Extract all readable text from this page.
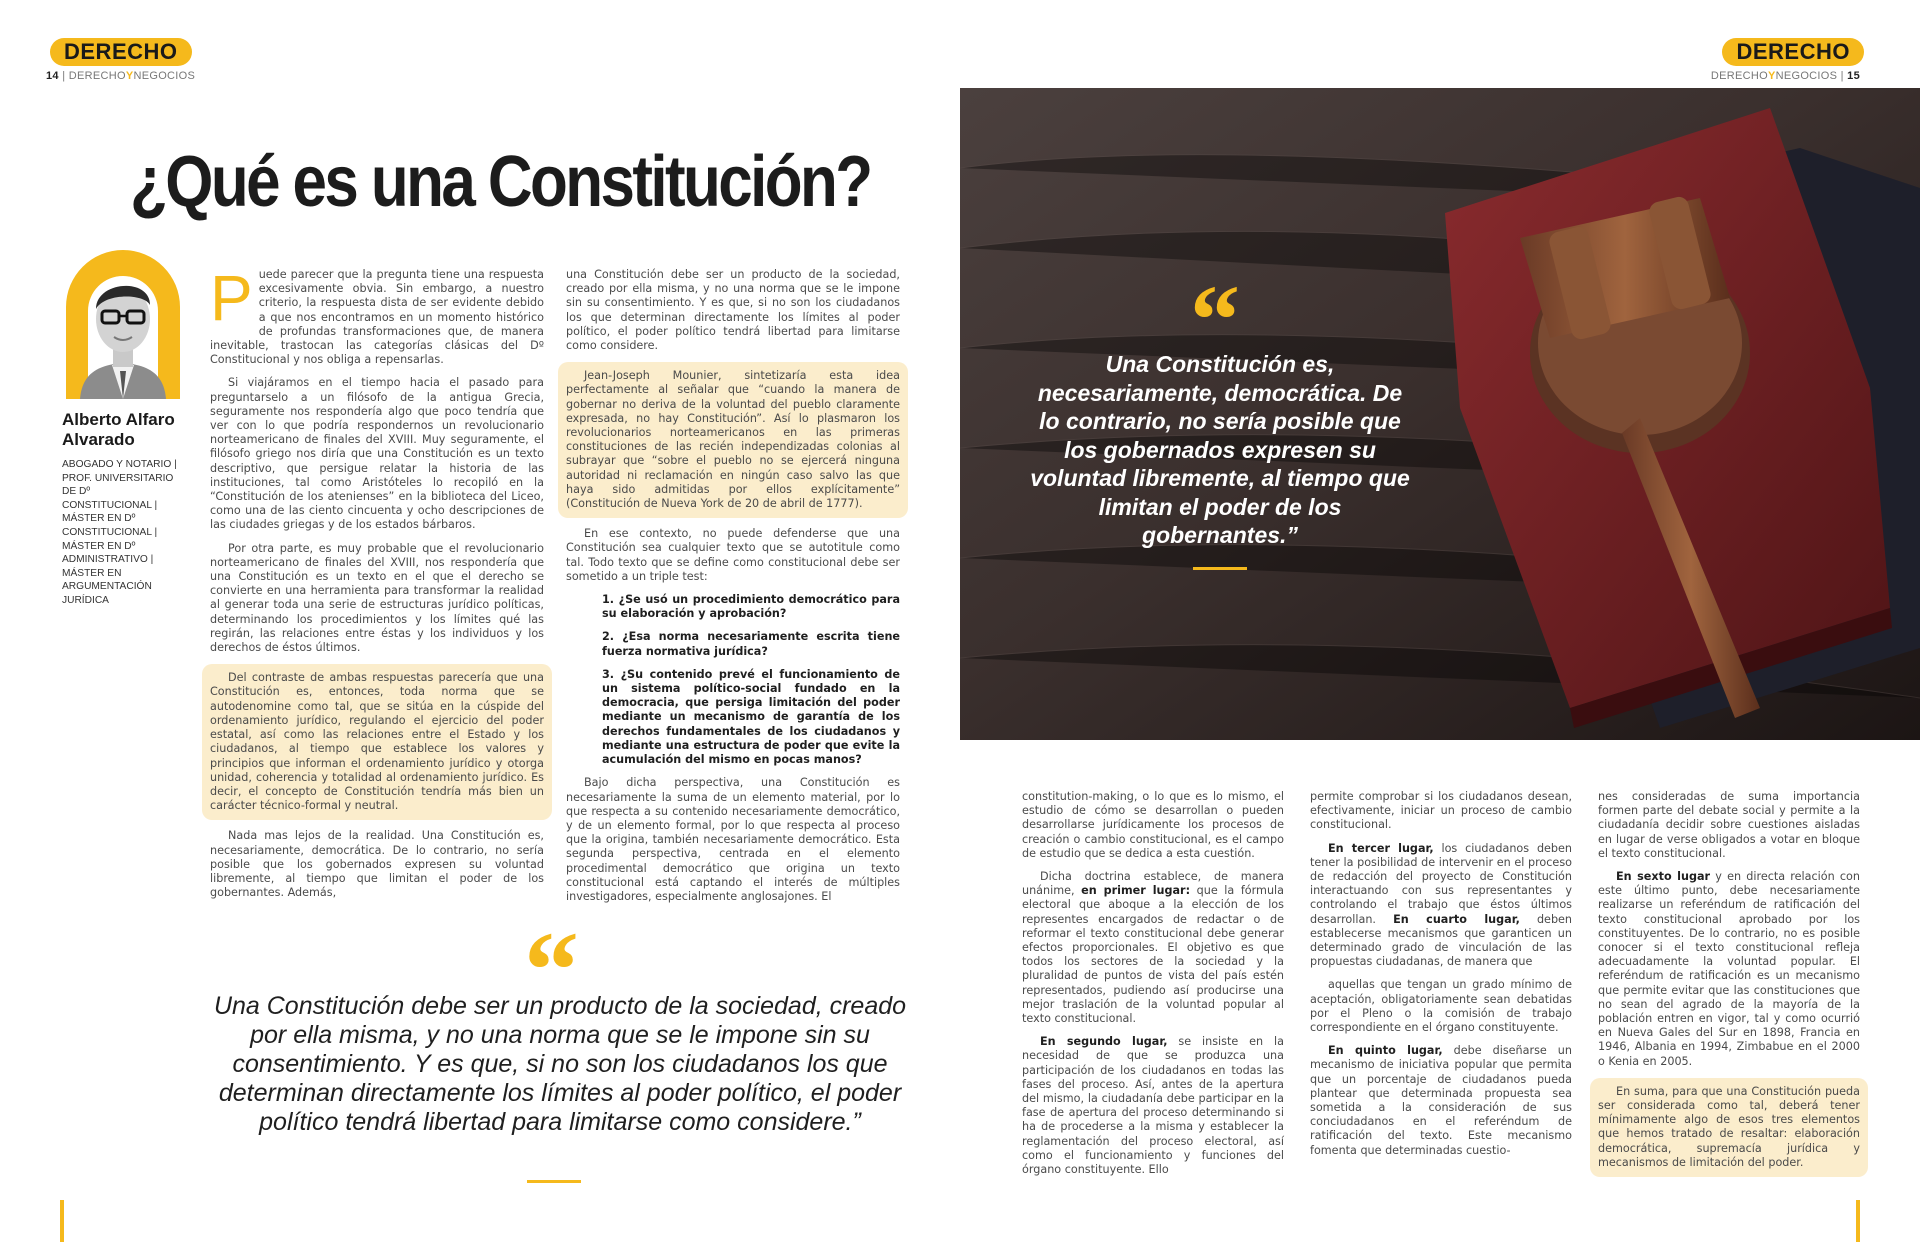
DERECHO
14 | DERECHOYNEGOCIOS
¿Qué es una Constitución?
Alberto Alfaro Alvarado
ABOGADO Y NOTARIO | PROF. UNIVERSITARIO DE Dº CONSTITUCIONAL | MÁSTER EN Dº CONSTITUCIONAL | MÁSTER EN Dº ADMINISTRATIVO | MÁSTER EN ARGUMENTACIÓN JURÍDICA

Puede parecer que la pregunta tiene una respuesta excesivamente obvia. Sin embargo, a nuestro criterio, la respuesta dista de ser evidente debido a que nos encontramos en un momento histórico de profundas transformaciones que, de manera inevitable, trastocan las categorías clásicas del Dº Constitucional y nos obliga a repensarlas.

Si viajáramos en el tiempo hacia el pasado para preguntarselo a un filósofo de la antigua Grecia, seguramente nos respondería algo que poco tendría que ver con lo que podría respondernos un revolucionario norteamericano de finales del XVIII. Muy seguramente, el filósofo griego nos diría que una Constitución es un texto descriptivo, que persigue relatar la historia de las instituciones, tal como Aristóteles lo recopiló en la “Constitución de los atenienses” en la biblioteca del Liceo, como una de las ciento cincuenta y ocho descripciones de las ciudades griegas y de los estados bárbaros.

Por otra parte, es muy probable que el revolucionario norteamericano de finales del XVIII, nos respondería que una Constitución es un texto en el que el derecho se convierte en una herramienta para transformar la realidad al generar toda una serie de estructuras jurídico políticas, determinando los procedimientos y los límites qué las regirán, las relaciones entre éstas y los individuos y los derechos de éstos últimos.

Del contraste de ambas respuestas parecería que una Constitución es, entonces, toda norma que se autodenomine como tal, que se sitúa en la cúspide del ordenamiento jurídico, regulando el ejercicio del poder estatal, así como las relaciones entre el Estado y los ciudadanos, al tiempo que establece los valores y principios que informan el ordenamiento jurídico y otorga unidad, coherencia y totalidad al ordenamiento jurídico. Es decir, el concepto de Constitución tendría más bien un carácter técnico-formal y neutral.

Nada mas lejos de la realidad. Una Constitución es, necesariamente, democrática. De lo contrario, no sería posible que los gobernados expresen su voluntad libremente, al tiempo que limitan el poder de los gobernantes. Además,

una Constitución debe ser un producto de la sociedad, creado por ella misma, y no una norma que se le impone sin su consentimiento. Y es que, si no son los ciudadanos los que determinan directamente los límites al poder político, el poder político tendrá libertad para limitarse como considere.

Jean-Joseph Mounier, sintetizaría esta idea perfectamente al señalar que “cuando la manera de gobernar no deriva de la voluntad del pueblo claramente expresada, no hay Constitución”. Así lo plasmaron los revolucionarios norteamericanos en las primeras constituciones de las recién independizadas colonias al subrayar que “sobre el pueblo no se ejercerá ninguna autoridad ni reclamación en ningún caso salvo las que haya sido admitidas por ellos explícitamente” (Constitución de Nueva York de 20 de abril de 1777).

En ese contexto, no puede defenderse que una Constitución sea cualquier texto que se autotitule como tal. Todo texto que se define como constitucional debe ser sometido a un triple test:

1. ¿Se usó un procedimiento democrático para su elaboración y aprobación?

2. ¿Esa norma necesariamente escrita tiene fuerza normativa jurídica?

3. ¿Su contenido prevé el funcionamiento de un sistema político-social fundado en la democracia, que persiga limitación del poder mediante un mecanismo de garantía de los derechos fundamentales de los ciudadanos y mediante una estructura de poder que evite la acumulación del mismo en pocas manos?

Bajo dicha perspectiva, una Constitución es necesariamente la suma de un elemento material, por lo que respecta a su contenido necesariamente democrático, y de un elemento formal, por lo que respecta al proceso que la origina, también necesariamente democrático. Esta segunda perspectiva, centrada en el elemento procedimental democrático que origina un texto constitucional está captando el interés de múltiples investigadores, especialmente anglosajones. El

“
Una Constitución debe ser un producto de la sociedad, creado por ella misma, y no una norma que se le impone sin su consentimiento. Y es que, si no son los ciudadanos los que determinan directamente los límites al poder político, el poder político tendrá libertad para limitarse como considere.”
DERECHO
DERECHOYNEGOCIOS | 15
“
Una Constitución es, necesariamente, democrática. De lo contrario, no sería posible que los gobernados expresen su voluntad libremente, al tiempo que limitan el poder de los gobernantes.”

constitution-making, o lo que es lo mismo, el estudio de cómo se desarrollan o pueden desarrollarse jurídicamente los procesos de creación o cambio constitucional, es el campo de estudio que se dedica a esta cuestión.

Dicha doctrina establece, de manera unánime, en primer lugar: que la fórmula electoral que aboque a la elección de los representes encargados de redactar o de reformar el texto constitucional debe generar efectos proporcionales. El objetivo es que todos los sectores de la sociedad y la pluralidad de puntos de vista del país estén representados, pudiendo así producirse una mejor traslación de la voluntad popular al texto constitucional.

En segundo lugar, se insiste en la necesidad de que se produzca una participación de los ciudadanos en todas las fases del proceso. Así, antes de la apertura del mismo, la ciudadanía debe participar en la fase de apertura del proceso determinando si ha de procederse a la misma y establecer la reglamentación del proceso electoral, así como el funcionamiento y funciones del órgano constituyente. Ello

permite comprobar si los ciudadanos desean, efectivamente, iniciar un proceso de cambio constitucional.

En tercer lugar, los ciudadanos deben tener la posibilidad de intervenir en el proceso de redacción del proyecto de Constitución interactuando con sus representantes y controlando el trabajo que éstos últimos desarrollan. En cuarto lugar, deben establecerse mecanismos que garanticen un determinado grado de vinculación de las propuestas ciudadanas, de manera que

aquellas que tengan un grado mínimo de aceptación, obligatoriamente sean debatidas por el Pleno o la comisión de trabajo correspondiente en el órgano constituyente.

En quinto lugar, debe diseñarse un mecanismo de iniciativa popular que permita que un porcentaje de ciudadanos pueda plantear que determinada propuesta sea sometida a la consideración de sus conciudadanos en el referéndum de ratificación del texto. Este mecanismo fomenta que determinadas cuestio-

nes consideradas de suma importancia formen parte del debate social y permite a la ciudadanía decidir sobre cuestiones aisladas en lugar de verse obligados a votar en bloque el texto constitucional.

En sexto lugar y en directa relación con este último punto, debe necesariamente realizarse un referéndum de ratificación del texto constitucional aprobado por los constituyentes. De lo contrario, no es posible conocer si el texto constitucional refleja adecuadamente la voluntad popular. El referéndum de ratificación es un mecanismo que permite evitar que las constituciones que no sean del agrado de la mayoría de la población entren en vigor, tal y como ocurrió en Nueva Gales del Sur en 1898, Francia en 1946, Albania en 1994, Zimbabue en el 2000 o Kenia en 2005.

En suma, para que una Constitución pueda ser considerada como tal, deberá tener mínimamente algo de esos tres elementos que hemos tratado de resaltar: elaboración democrática, supremacía jurídica y mecanismos de limitación del poder.
